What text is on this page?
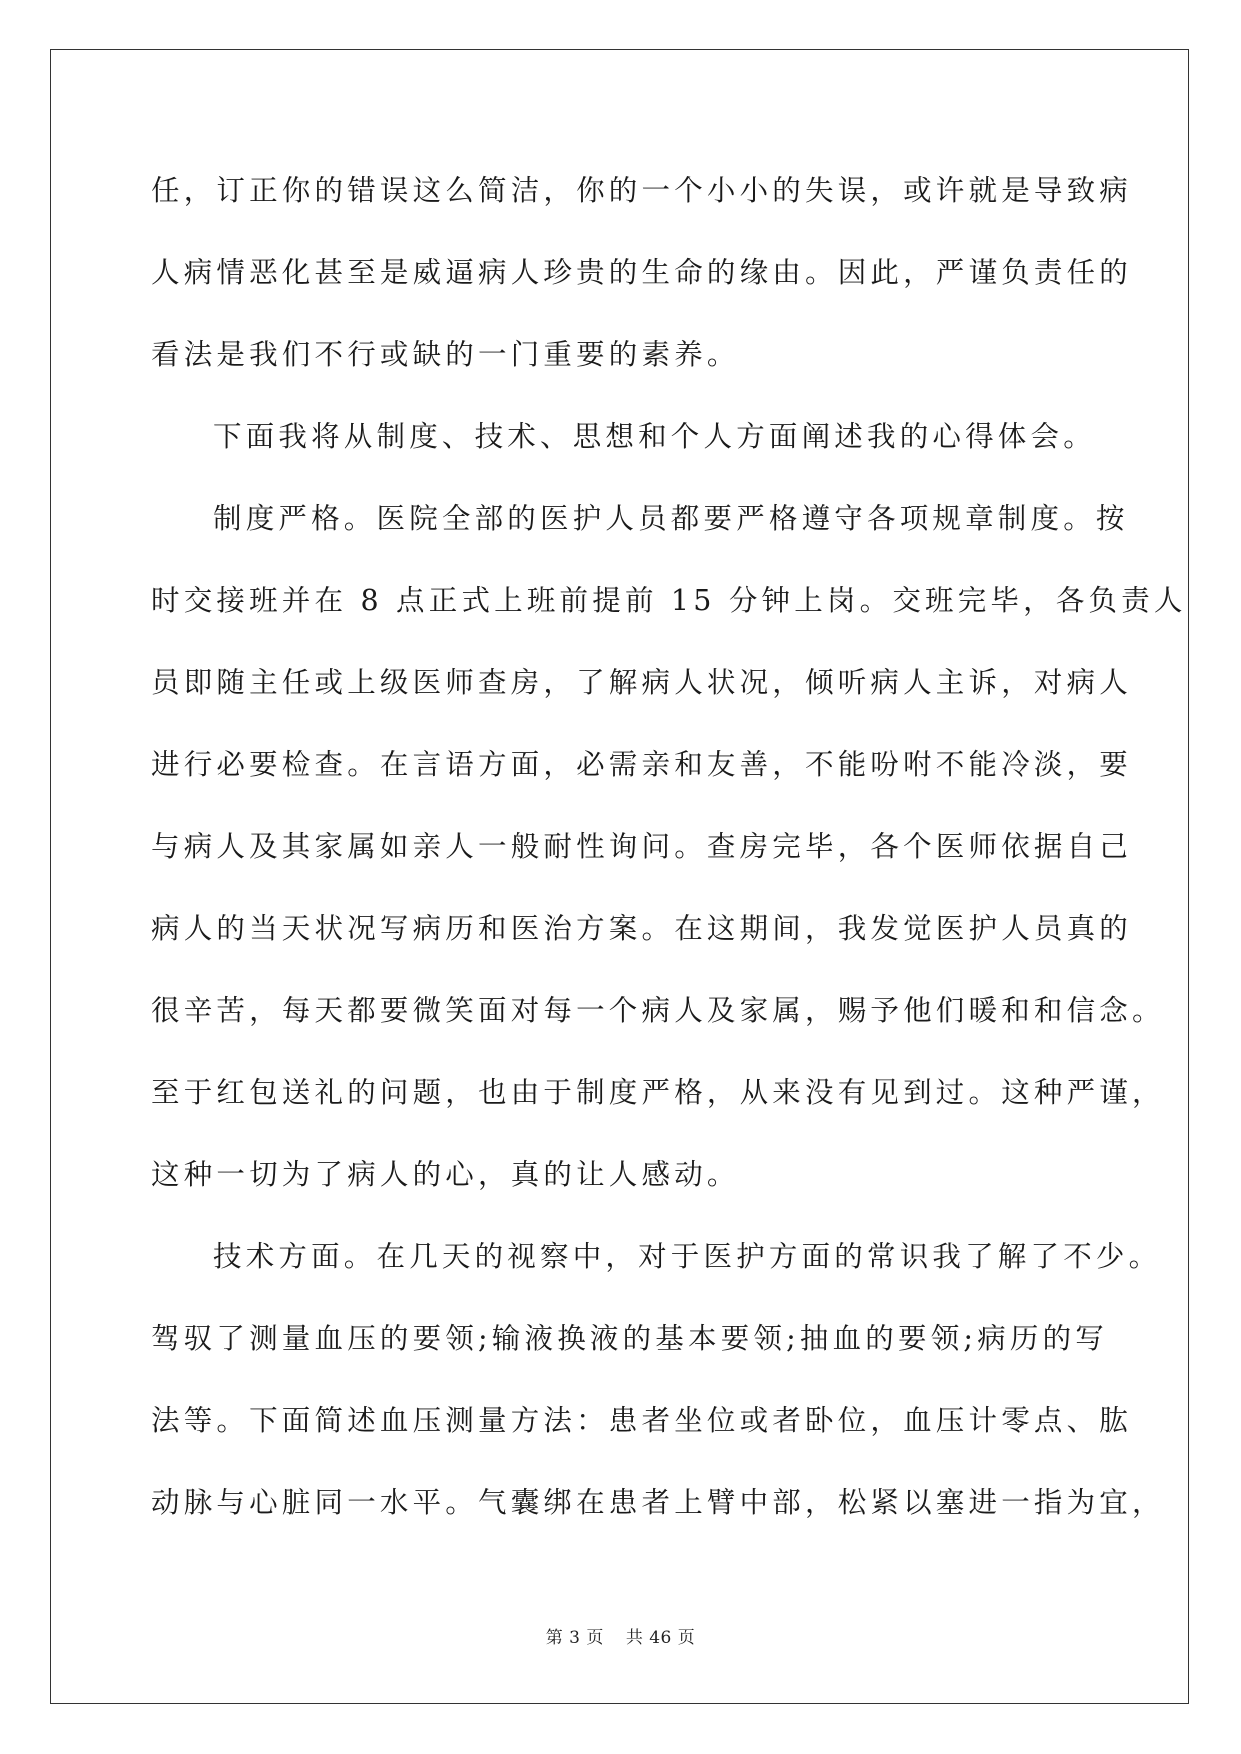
任，订正你的错误这么简洁，你的一个小小的失误，或许就是导致病
人病情恶化甚至是威逼病人珍贵的生命的缘由。因此，严谨负责任的
看法是我们不行或缺的一门重要的素养。
下面我将从制度、技术、思想和个人方面阐述我的心得体会。
制度严格。医院全部的医护人员都要严格遵守各项规章制度。按
时交接班并在 8 点正式上班前提前 15 分钟上岗。交班完毕，各负责人
员即随主任或上级医师查房，了解病人状况，倾听病人主诉，对病人
进行必要检查。在言语方面，必需亲和友善，不能吩咐不能冷淡，要
与病人及其家属如亲人一般耐性询问。查房完毕，各个医师依据自己
病人的当天状况写病历和医治方案。在这期间，我发觉医护人员真的
很辛苦，每天都要微笑面对每一个病人及家属，赐予他们暖和和信念。
至于红包送礼的问题，也由于制度严格，从来没有见到过。这种严谨，
这种一切为了病人的心，真的让人感动。
技术方面。在几天的视察中，对于医护方面的常识我了解了不少。
驾驭了测量血压的要领;输液换液的基本要领;抽血的要领;病历的写
法等。下面简述血压测量方法：患者坐位或者卧位，血压计零点、肱
动脉与心脏同一水平。气囊绑在患者上臂中部，松紧以塞进一指为宜，
第 3 页 共 46 页
